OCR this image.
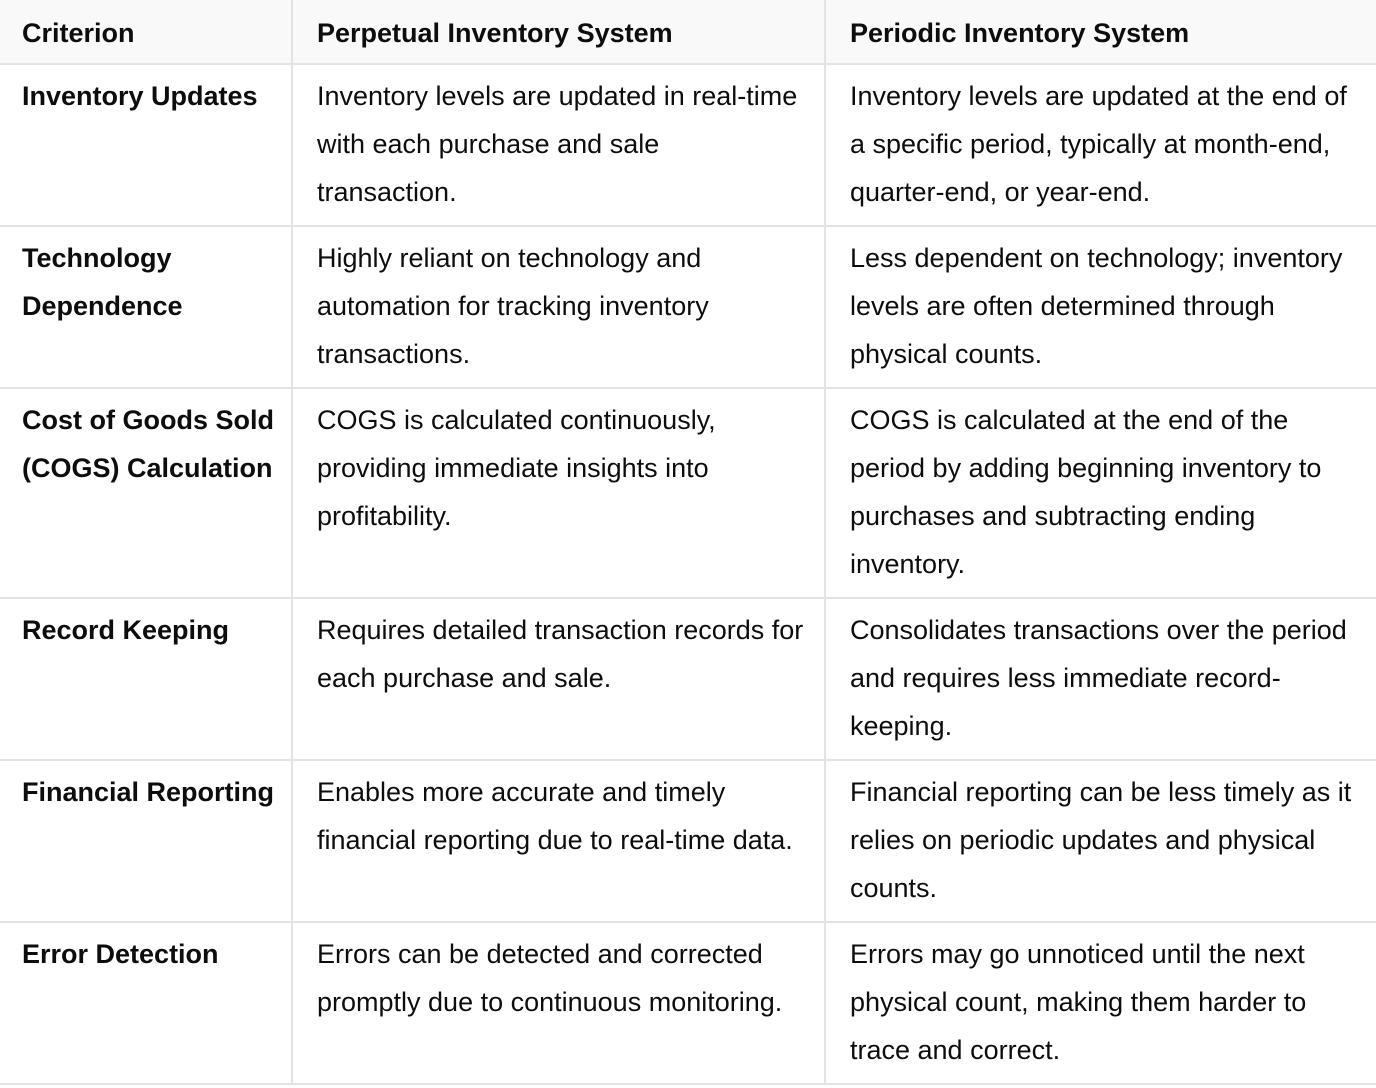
Criterion	Perpetual Inventory System	Periodic Inventory System
Inventory Updates	Inventory levels are updated in real-time with each purchase and sale transaction.	Inventory levels are updated at the end of a specific period, typically at month-end, quarter-end, or year-end.
Technology Dependence	Highly reliant on technology and automation for tracking inventory transactions.	Less dependent on technology; inventory levels are often determined through physical counts.
Cost of Goods Sold (COGS) Calculation	COGS is calculated continuously, providing immediate insights into profitability.	COGS is calculated at the end of the period by adding beginning inventory to purchases and subtracting ending inventory.
Record Keeping	Requires detailed transaction records for each purchase and sale.	Consolidates transactions over the period and requires less immediate record-keeping.
Financial Reporting	Enables more accurate and timely financial reporting due to real-time data.	Financial reporting can be less timely as it relies on periodic updates and physical counts.
Error Detection	Errors can be detected and corrected promptly due to continuous monitoring.	Errors may go unnoticed until the next physical count, making them harder to trace and correct.
